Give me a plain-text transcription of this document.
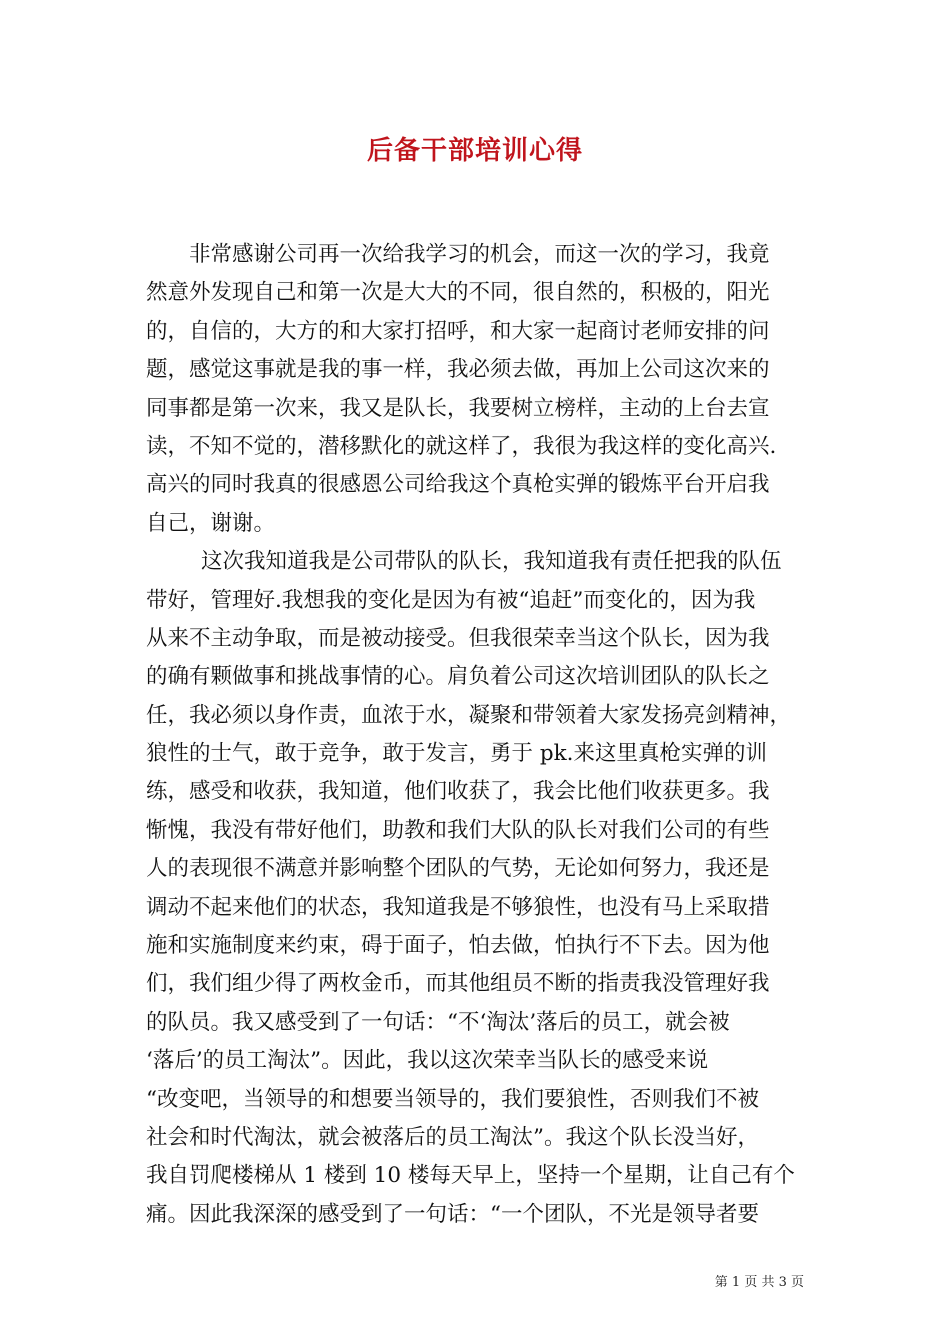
后备干部培训心得
非常感谢公司再一次给我学习的机会，而这一次的学习，我竟
然意外发现自己和第一次是大大的不同，很自然的，积极的，阳光
的，自信的，大方的和大家打招呼，和大家一起商讨老师安排的问
题，感觉这事就是我的事一样，我必须去做，再加上公司这次来的
同事都是第一次来，我又是队长，我要树立榜样，主动的上台去宣
读，不知不觉的，潜移默化的就这样了，我很为我这样的变化高兴.
高兴的同时我真的很感恩公司给我这个真枪实弹的锻炼平台开启我
自己，谢谢。
这次我知道我是公司带队的队长，我知道我有责任把我的队伍
带好，管理好.我想我的变化是因为有被“追赶”而变化的，因为我
从来不主动争取，而是被动接受。但我很荣幸当这个队长，因为我
的确有颗做事和挑战事情的心。肩负着公司这次培训团队的队长之
任，我必须以身作责，血浓于水，凝聚和带领着大家发扬亮剑精神，
狼性的士气，敢于竞争，敢于发言，勇于 pk.来这里真枪实弹的训
练，感受和收获，我知道，他们收获了，我会比他们收获更多。我
惭愧，我没有带好他们，助教和我们大队的队长对我们公司的有些
人的表现很不满意并影响整个团队的气势，无论如何努力，我还是
调动不起来他们的状态，我知道我是不够狼性，也没有马上采取措
施和实施制度来约束，碍于面子，怕去做，怕执行不下去。因为他
们，我们组少得了两枚金币，而其他组员不断的指责我没管理好我
的队员。我又感受到了一句话：“不‘淘汰’落后的员工，就会被
‘落后’的员工淘汰”。因此，我以这次荣幸当队长的感受来说
“改变吧，当领导的和想要当领导的，我们要狼性，否则我们不被
社会和时代淘汰，就会被落后的员工淘汰”。我这个队长没当好，
我自罚爬楼梯从 1 楼到 10 楼每天早上，坚持一个星期，让自己有个
痛。因此我深深的感受到了一句话：“一个团队，不光是领导者要
第 1 页 共 3 页
